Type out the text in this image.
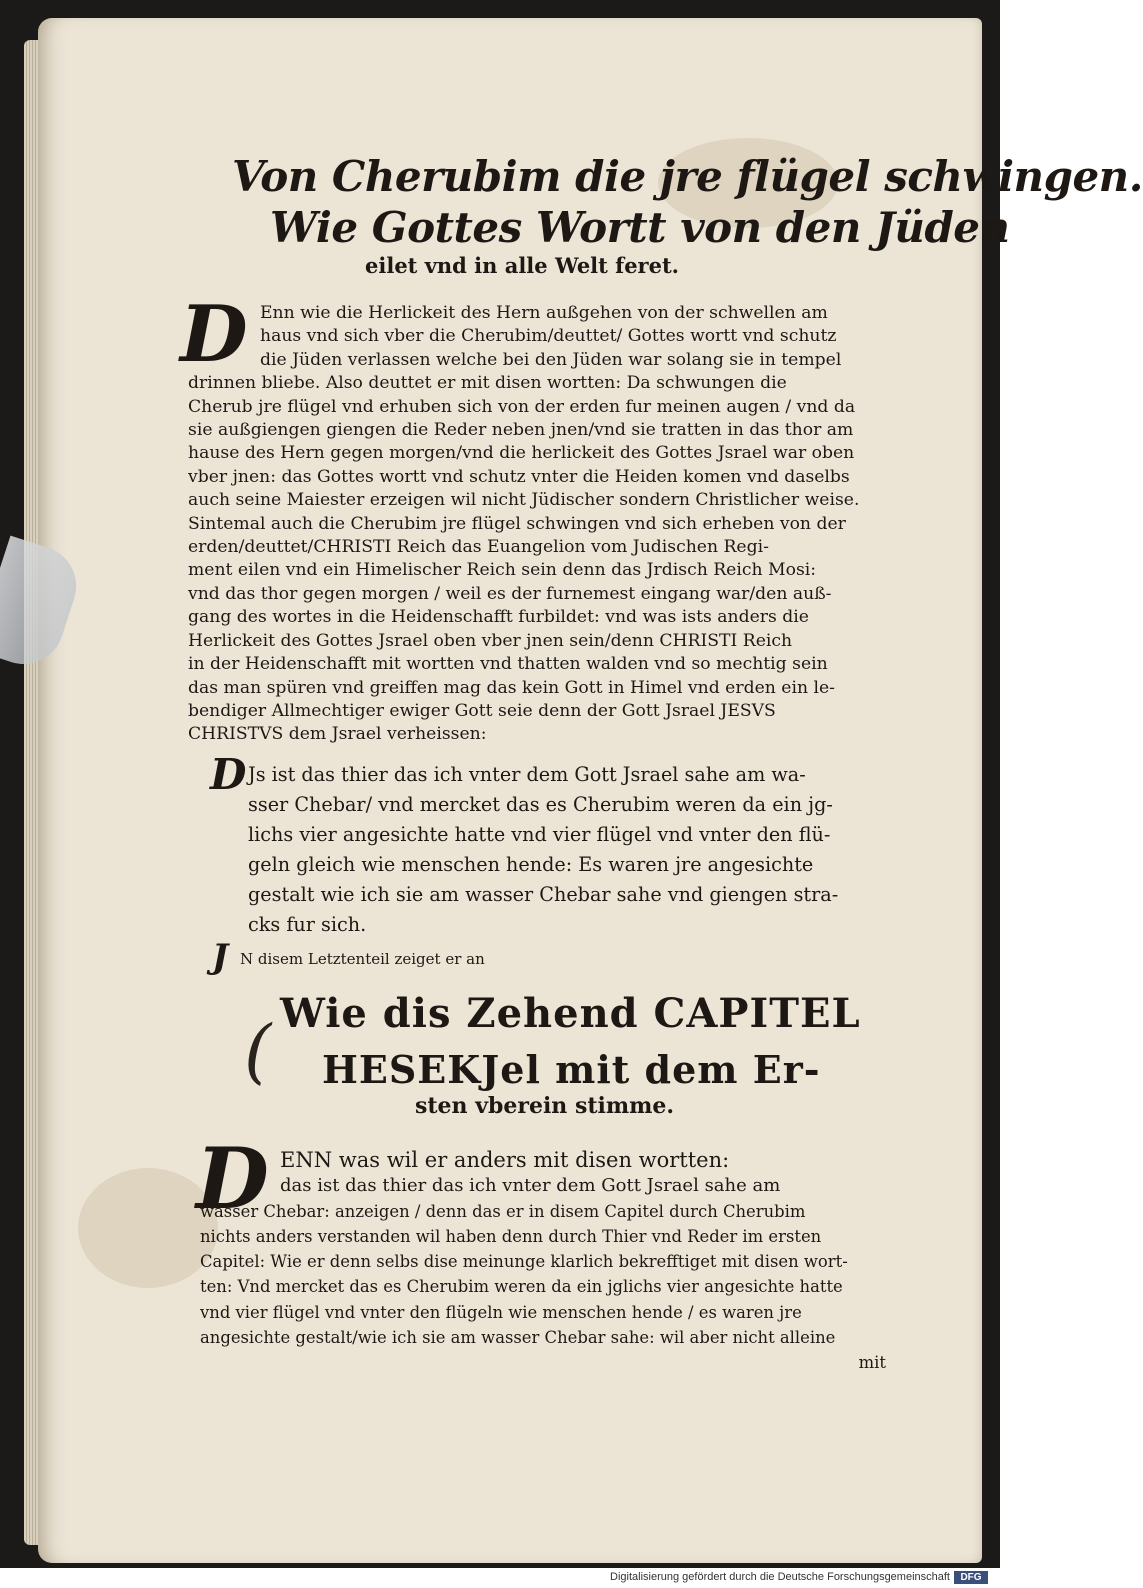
Von Cherubim die jre flügel schwingen.

Wie Gottes Wortt von den Jüden

eilet vnd in alle Welt feret.

D Enn wie die Herlickeit des Hern außgehen von der schwellen am
haus vnd sich vber die Cherubim/deuttet/ Gottes wortt vnd schutz
die Jüden verlassen welche bei den Jüden war solang sie in tempel
drinnen bliebe. Also deuttet er mit disen wortten: Da schwungen die
Cherub jre flügel vnd erhuben sich von der erden fur meinen augen / vnd da
sie außgiengen giengen die Reder neben jnen/vnd sie tratten in das thor am
hause des Hern gegen morgen/vnd die herlickeit des Gottes Jsrael war oben
vber jnen: das Gottes wortt vnd schutz vnter die Heiden komen vnd daselbs
auch seine Maiester erzeigen wil nicht Jüdischer sondern Christlicher weise.
Sintemal auch die Cherubim jre flügel schwingen vnd sich erheben von der
erden/deuttet/CHRISTI Reich das Euangelion vom Judischen Regi-
ment eilen vnd ein Himelischer Reich sein denn das Jrdisch Reich Mosi:
vnd das thor gegen morgen / weil es der furnemest eingang war/den auß-
gang des wortes in die Heidenschafft furbildet: vnd was ists anders die
Herlickeit des Gottes Jsrael oben vber jnen sein/denn CHRISTI Reich
in der Heidenschafft mit wortten vnd thatten walden vnd so mechtig sein
das man spüren vnd greiffen mag das kein Gott in Himel vnd erden ein le-
bendiger Allmechtiger ewiger Gott seie denn der Gott Jsrael JESVS
CHRISTVS dem Jsrael verheissen:
D Js ist das thier das ich vnter dem Gott Jsrael sahe am wa-
sser Chebar/ vnd mercket das es Cherubim weren da ein jg-
lichs vier angesichte hatte vnd vier flügel vnd vnter den flü-
geln gleich wie menschen hende: Es waren jre angesichte
gestalt wie ich sie am wasser Chebar sahe vnd giengen stra-
cks fur sich.
J N disem Letztenteil zeiget er an
( Wie dis Zehend CAPITEL

HESEKJel mit dem Er-

sten vberein stimme.

D ENN was wil er anders mit disen wortten:
das ist das thier das ich vnter dem Gott Jsrael sahe am
wasser Chebar: anzeigen / denn das er in disem Capitel durch Cherubim
nichts anders verstanden wil haben denn durch Thier vnd Reder im ersten
Capitel: Wie er denn selbs dise meinunge klarlich bekrefftiget mit disen wort-
ten: Vnd mercket das es Cherubim weren da ein jglichs vier angesichte hatte
vnd vier flügel vnd vnter den flügeln wie menschen hende / es waren jre
angesichte gestalt/wie ich sie am wasser Chebar sahe: wil aber nicht alleine
mit
Digitalisierung gefördert durch die Deutsche Forschungsgemeinschaft	DFG
